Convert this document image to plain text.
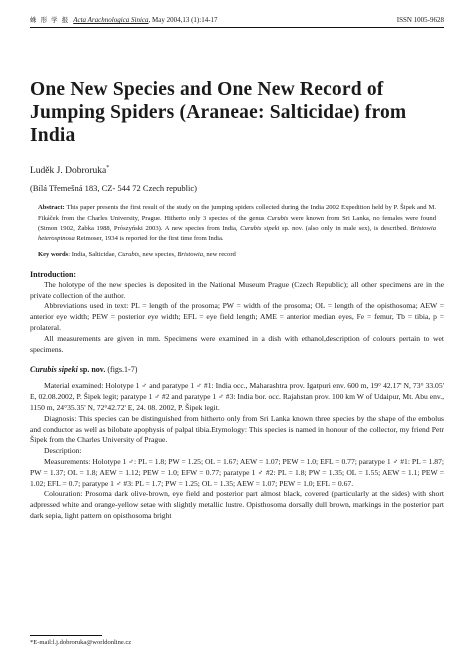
蛛 形 学 报 Acta Arachnologica Sinica, May 2004,13 (1):14-17	ISSN 1005-9628
One New Species and One New Record of Jumping Spiders (Araneae: Salticidae) from India
Luděk J. Dobroruka*
(Bílá Třemešná 183, CZ- 544 72 Czech republic)
Abstract: This paper presents the first result of the study on the jumping spiders collected during the India 2002 Expedition held by P. Šipek and M. Fikáček from the Charles University, Prague. Hitherto only 3 species of the genus Curubis were known from Sri Lanka, no females were found (Simon 1902, Żabka 1988, Prószyński 2003). A new species from India, Curubis sipeki sp. nov. (also only in male sex), is described. Bristowia heterospinosa Reimoser, 1934 is reported for the first time from India.
Key words: India, Salticidae, Curubis, new species, Bristowia, new record
Introduction:

The holotype of the new species is deposited in the National Museum Prague (Czech Republic); all other specimens are in the private collection of the author.

Abbreviations used in text: PL = length of the prosoma; PW = width of the prosoma; OL = length of the opisthosoma; AEW = anterior eye width; PEW = posterior eye width; EFL = eye field length; AME = anterior median eyes, Fe = femur, Tb = tibia, p = prolateral.

All measurements are given in mm. Specimens were examined in a dish with ethanol,description of colours pertain to wet specimens.

Curubis sipeki sp. nov. (figs.1-7)

Material examined: Holotype 1 ♂ and paratype 1 ♂ #1: India occ., Maharashtra prov. Igatpuri env. 600 m, 19° 42.17' N, 73° 33.05' E, 02.08.2002, P. Šipek legit; paratype 1 ♂ #2 and paratype 1 ♂ #3: India bor. occ. Rajahstan prov. 100 km W of Udaipur, Mt. Abu env., 1150 m, 24°35.35' N, 72°42.72' E, 24. 08. 2002, P. Šipek legit.

Diagnosis: This species can be distinguished from hitherto only from Sri Lanka known three species by the shape of the embolus and conductor as well as bilobate apophysis of palpal tibia.Etymology: This species is named in honour of the collector, my friend Petr Šipek from the Charles University of Prague.

Description:

Measurements: Holotype 1 ♂: PL = 1.8; PW = 1.25; OL = 1.67; AEW = 1.07; PEW = 1.0; EFL = 0.77; paratype 1 ♂ #1: PL = 1.87; PW = 1.37; OL = 1.8; AEW = 1.12; PEW = 1.0; EFW = 0.77; paratype 1 ♂ #2: PL = 1.8; PW = 1.35; OL = 1.55; AEW = 1.1; PEW = 1.02; EFL = 0.7; paratype 1 ♂ #3: PL = 1.7; PW = 1.25; OL = 1.35; AEW = 1.07; PEW = 1.0; EFL = 0.67.

Colouration: Prosoma dark olive-brown, eye field and posterior part almost black, covered (particularly at the sides) with short adpressed white and orange-yellow setae with slightly metallic lustre. Opisthosoma dorsally dull brown, markings in the posterior part dark sepia, light pattern on opisthosoma bright

*E-mail:l.j.dobroruka@worldonline.cz
